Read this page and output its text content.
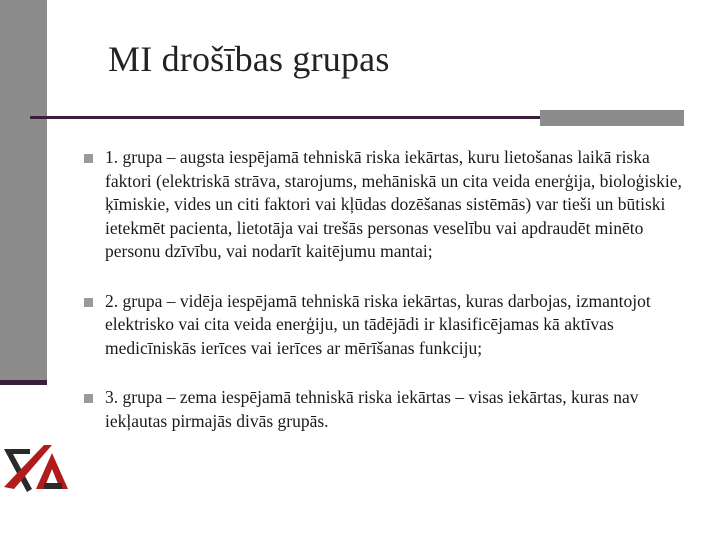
MI drošības grupas
1. grupa – augsta iespējamā tehniskā riska iekārtas, kuru lietošanas laikā riska faktori (elektriskā strāva, starojums, mehāniskā un cita veida enerģija, bioloģiskie, ķīmiskie, vides un citi faktori vai kļūdas dozēšanas sistēmās) var tieši un būtiski ietekmēt pacienta, lietotāja vai trešās personas veselību vai apdraudēt minēto personu dzīvību, vai nodarīt kaitējumu mantai;
2. grupa – vidēja iespējamā tehniskā riska iekārtas, kuras darbojas, izmantojot elektrisko vai cita veida enerģiju, un tādējādi ir klasificējamas kā aktīvas medicīniskās ierīces vai ierīces ar mērīšanas funkciju;
3. grupa – zema iespējamā tehniskā riska iekārtas – visas iekārtas, kuras nav iekļautas pirmajās divās grupās.
